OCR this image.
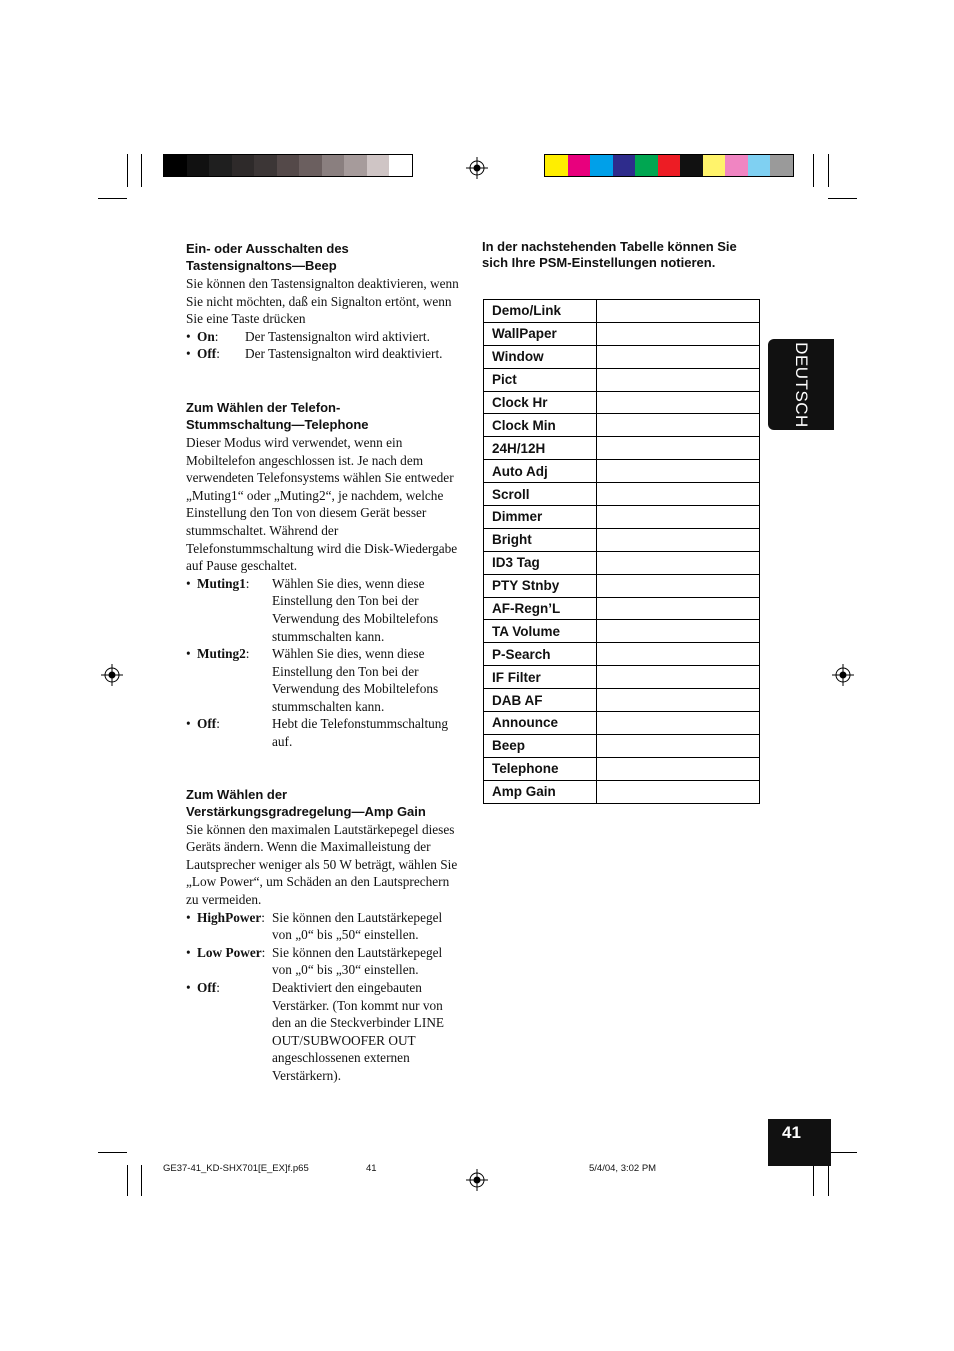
Ein- oder Ausschalten des
Tastensignaltons—Beep
Sie können den Tastensignalton deaktivieren, wenn Sie nicht möchten, daß ein Signalton ertönt, wenn Sie eine Taste drücken
• On:	Der Tastensignalton wird aktiviert.
• Off:	Der Tastensignalton wird deaktiviert.
Zum Wählen der Telefon-
Stummschaltung—Telephone
Dieser Modus wird verwendet, wenn ein Mobiltelefon angeschlossen ist. Je nach dem verwendeten Telefonsystems wählen Sie entweder „Muting1“ oder „Muting2“, je nachdem, welche Einstellung den Ton von diesem Gerät besser stummschaltet. Während der Telefonstummschaltung wird die Disk-Wiedergabe auf Pause geschaltet.
• Muting1:	Wählen Sie dies, wenn diese Einstellung den Ton bei der Verwendung des Mobiltelefons stummschalten kann.
• Muting2:	Wählen Sie dies, wenn diese Einstellung den Ton bei der Verwendung des Mobiltelefons stummschalten kann.
• Off:	Hebt die Telefonstummschaltung auf.
Zum Wählen der
Verstärkungsgradregelung—Amp Gain
Sie können den maximalen Lautstärkepegel dieses Geräts ändern. Wenn die Maximalleistung der Lautsprecher weniger als 50 W beträgt, wählen Sie „Low Power“, um Schäden an den Lautsprechern zu vermeiden.
• HighPower: Sie können den Lautstärkepegel von „0“ bis „50“ einstellen.
• Low Power: Sie können den Lautstärkepegel von „0“ bis „30“ einstellen.
• Off:	Deaktiviert den eingebauten Verstärker. (Ton kommt nur von den an die Steckverbinder LINE OUT/SUBWOOFER OUT angeschlossenen externen Verstärkern).
In der nachstehenden Tabelle können Sie sich Ihre PSM-Einstellungen notieren.
Demo/Link	
WallPaper	
Window	
Pict	
Clock Hr	
Clock Min	
24H/12H	
Auto Adj	
Scroll	
Dimmer	
Bright	
ID3 Tag	
PTY Stnby	
AF-Regn’L	
TA Volume	
P-Search	
IF Filter	
DAB AF	
Announce	
Beep	
Telephone	
Amp Gain	
DEUTSCH
41
GE37-41_KD-SHX701[E_EX]f.p65	41	5/4/04, 3:02 PM
